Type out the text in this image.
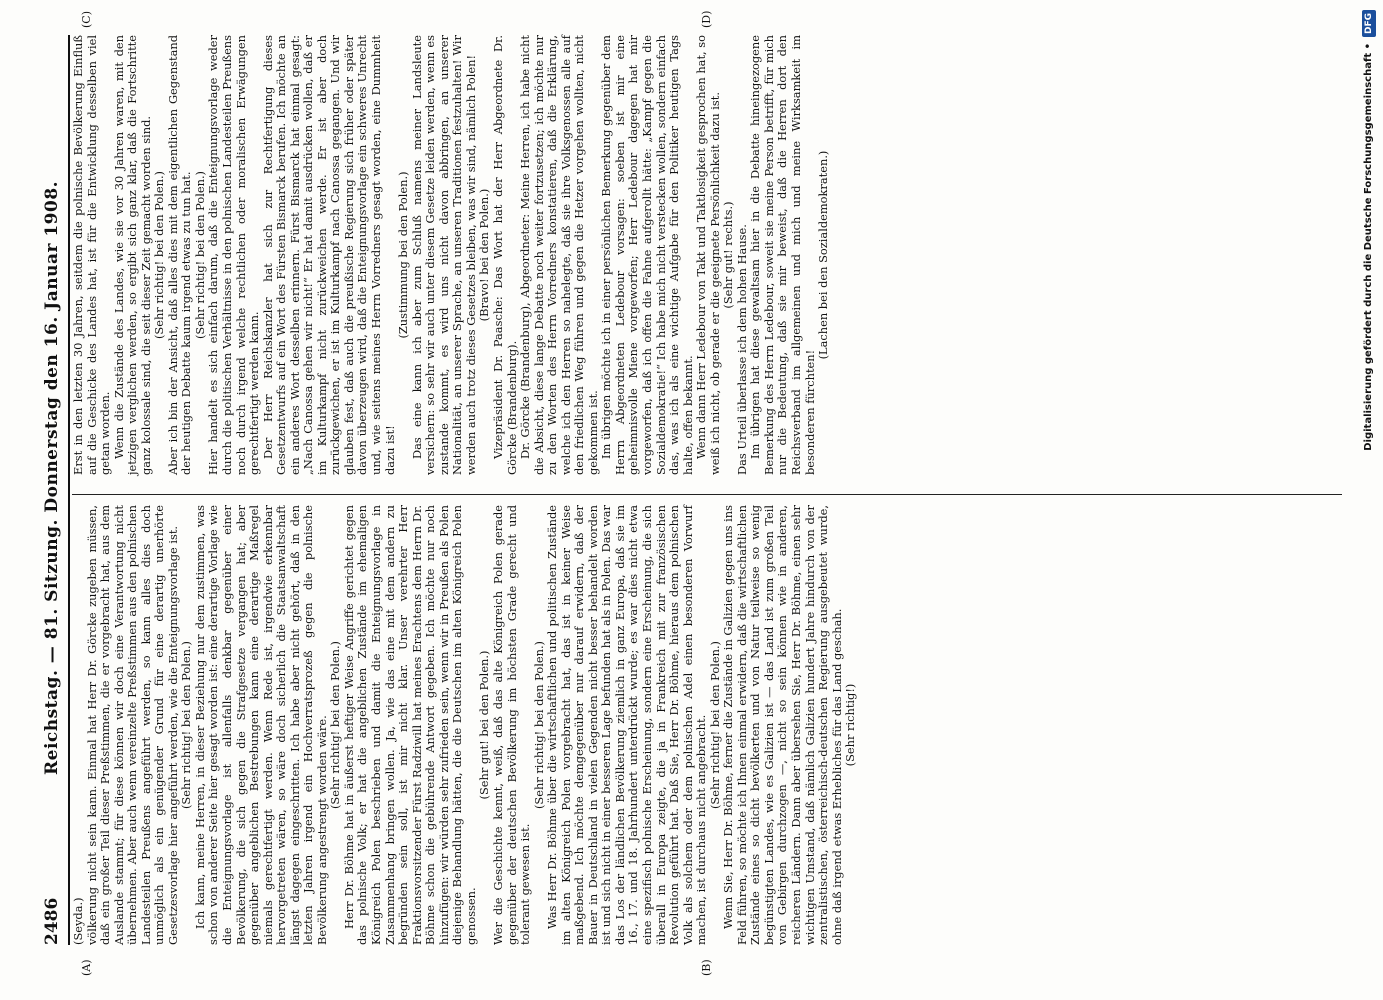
2486
Reichstag. — 81. Sitzung. Donnerstag den 16. Januar 1908.
(A)	(B)
(C)	(D)

(Seyda.) völkerung nicht sein kann. Einmal hat Herr Dr. Görcke zugeben müssen, daß ein großer Teil dieser Preßstimmen, die er vorgebracht hat, aus dem Auslande stammt; für diese können wir doch eine Verantwortung nicht übernehmen. Aber auch wenn vereinzelte Preßstimmen aus den polnischen Landesteilen Preußens angeführt werden, so kann alles dies doch unmöglich als ein genügender Grund für eine derartig unerhörte Gesetzesvorlage hier angeführt werden, wie die Enteignungsvorlage ist. (Sehr richtig! bei den Polen.) Ich kann, meine Herren, in dieser Beziehung nur dem zustimmen, was schon von anderer Seite hier gesagt worden ist: eine derartige Vorlage wie die Enteignungsvorlage ist allenfalls denkbar gegenüber einer Bevölkerung, die sich gegen die Strafgesetze vergangen hat; aber gegenüber angeblichen Bestrebungen kann eine derartige Maßregel niemals gerechtfertigt werden. Wenn Rede ist, irgendwie erkennbar hervorgetreten wären, so wäre doch sicherlich die Staatsanwaltschaft längst dagegen eingeschritten. Ich habe aber nicht gehört, daß in den letzten Jahren irgend ein Hochverratsprozeß gegen die polnische Bevölkerung angestrengt worden wäre. (Sehr richtig! bei den Polen.) Herr Dr. Böhme hat in äußerst heftiger Weise Angriffe gerichtet gegen das polnische Volk; er hat die angeblichen Zustände im ehemaligen Königreich Polen beschrieben und damit die Enteignungsvorlage in Zusammenhang bringen wollen. Ja, wie das eine mit dem andern zu begründen sein soll, ist mir nicht klar. Unser verehrter Herr Fraktionsvorsitzender Fürst Radziwill hat meines Erachtens dem Herrn Dr. Böhme schon die gebührende Antwort gegeben. Ich möchte nur noch hinzufügen: wir würden sehr zufrieden sein, wenn wir in Preußen als Polen diejenige Behandlung hätten, die die Deutschen im alten Königreich Polen genossen.

(Sehr gut! bei den Polen.) Wer die Geschichte kennt, weiß, daß das alte Königreich Polen gerade gegenüber der deutschen Bevölkerung im höchsten Grade gerecht und tolerant gewesen ist.

(Sehr richtig! bei den Polen.) Was Herr Dr. Böhme über die wirtschaftlichen und politischen Zustände im alten Königreich Polen vorgebracht hat, das ist in keiner Weise maßgebend. Ich möchte demgegenüber nur darauf erwidern, daß der Bauer in Deutschland in vielen Gegenden nicht besser behandelt worden ist und sich nicht in einer besseren Lage befunden hat als in Polen. Das war das Los der ländlichen Bevölkerung ziemlich in ganz Europa, daß sie im 16., 17. und 18. Jahrhundert unterdrückt wurde; es war dies nicht etwa eine spezifisch polnische Erscheinung, sondern eine Erscheinung, die sich überall in Europa zeigte, die ja in Frankreich mit zur französischen Revolution geführt hat. Daß Sie, Herr Dr. Böhme, hieraus dem polnischen Volk als solchem oder dem polnischen Adel einen besonderen Vorwurf machen, ist durchaus nicht angebracht. (Sehr richtig! bei den Polen.) Wenn Sie, Herr Dr. Böhme, ferner die Zustände in Galizien gegen uns ins Feld führen, so möchte ich Ihnen einmal erwidern, daß die wirtschaftlichen Zustände eines so dicht bevölkerten und von Natur teilweise so wenig begünstigten Landes, wie es Galizien ist — das Land ist zum großen Teil von Gebirgen durchzogen —, nicht so sein können wie in anderen, reicheren Ländern. Dann aber übersehen Sie, Herr Dr. Böhme, einen sehr wichtigen Umstand, daß nämlich Galizien hundert Jahre hindurch von der zentralistischen, österreichisch-deutschen Regierung ausgebeutet wurde, ohne daß irgend etwas Erhebliches für das Land geschah. (Sehr richtig!)

Erst in den letzten 30 Jahren, seitdem die polnische Bevölkerung Einfluß auf die Geschicke des Landes hat, ist für die Entwicklung desselben viel getan worden. Wenn die Zustände des Landes, wie sie vor 30 Jahren waren, mit den jetzigen verglichen werden, so ergibt sich ganz klar, daß die Fortschritte ganz kolossale sind, die seit dieser Zeit gemacht worden sind. (Sehr richtig! bei den Polen.) Aber ich bin der Ansicht, daß alles dies mit dem eigentlichen Gegenstand der heutigen Debatte kaum irgend etwas zu tun hat. (Sehr richtig! bei den Polen.) Hier handelt es sich einfach darum, daß die Enteignungsvorlage weder durch die politischen Verhältnisse in den polnischen Landesteilen Preußens noch durch irgend welche rechtlichen oder moralischen Erwägungen gerechtfertigt werden kann. Der Herr Reichskanzler hat sich zur Rechtfertigung dieses Gesetzentwurfs auf ein Wort des Fürsten Bismarck berufen. Ich möchte an ein anderes Wort desselben erinnern. Fürst Bismarck hat einmal gesagt: „Nach Canossa gehen wir nicht!“ Er hat damit ausdrücken wollen, daß er im Kulturkampf nicht zurückweichen werde. Er ist aber doch zurückgewichen, er ist im Kulturkampf nach Canossa gegangen. Und wir glauben fest, daß auch die preußische Regierung sich früher oder später davon überzeugen wird, daß die Enteignungsvorlage ein schweres Unrecht und, wie seitens meines Herrn Vorredners gesagt worden, eine Dummheit dazu ist!

(Zustimmung bei den Polen.) Das eine kann ich aber zum Schluß namens meiner Landsleute versichern: so sehr wir auch unter diesem Gesetze leiden werden, wenn es zustande kommt, es wird uns nicht davon abbringen, an unserer Nationalität, an unserer Sprache, an unseren Traditionen festzuhalten! Wir werden auch trotz dieses Gesetzes bleiben, was wir sind, nämlich Polen! (Bravo! bei den Polen.) Vizepräsident Dr. Paasche: Das Wort hat der Herr Abgeordnete Dr. Görcke (Brandenburg). Dr. Görcke (Brandenburg), Abgeordneter: Meine Herren, ich habe nicht die Absicht, diese lange Debatte noch weiter fortzusetzen; ich möchte nur zu den Worten des Herrn Vorredners konstatieren, daß die Erklärung, welche ich den Herren so nahelegte, daß sie ihre Volksgenossen alle auf den friedlichen Weg führen und gegen die Hetzer vorgehen wollten, nicht gekommen ist. Im übrigen möchte ich in einer persönlichen Bemerkung gegenüber dem Herrn Abgeordneten Ledebour vorsagen: soeben ist mir eine geheimnisvolle Miene vorgeworfen; Herr Ledebour dagegen hat mir vorgeworfen, daß ich offen die Fahne aufgerollt hätte: „Kampf gegen die Sozialdemokratie!“ Ich habe mich nicht verstecken wollen, sondern einfach das, was ich als eine wichtige Aufgabe für den Politiker heutigen Tags halte, offen bekannt. Wenn dann Herr Ledebour von Takt und Taktlosigkeit gesprochen hat, so weiß ich nicht, ob gerade er die geeignete Persönlichkeit dazu ist. (Sehr gut! rechts.) Das Urteil überlasse ich dem hohen Hause. Im übrigen hat diese gewaltsam hier in die Debatte hineingezogene Bemerkung des Herrn Ledebour, soweit sie meine Person betrifft, für mich nur die Bedeutung, daß sie mir beweist, daß die Herren dort den Reichsverband im allgemeinen und mich und meine Wirksamkeit im besonderen fürchten!

(Lachen bei den Sozialdemokraten.)	Digitalisierung gefördert durch die Deutsche Forschungsgemeinschaft •
DFG
